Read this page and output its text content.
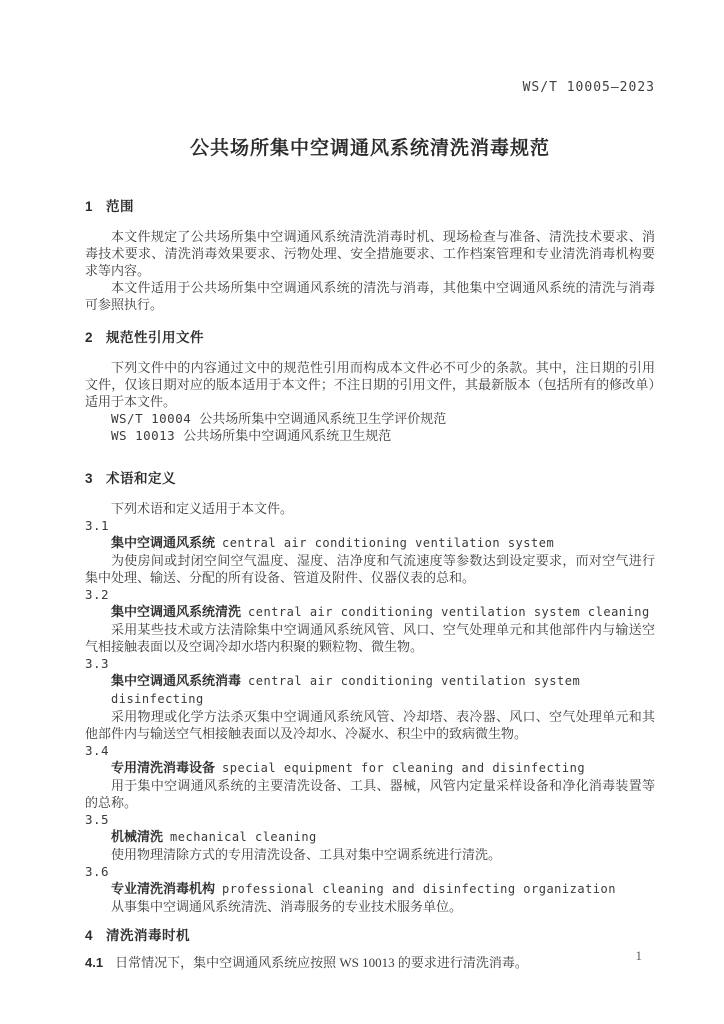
WS/T 10005—2023
公共场所集中空调通风系统清洗消毒规范
1 范围

本文件规定了公共场所集中空调通风系统清洗消毒时机、现场检查与准备、清洗技术要求、消毒技术要求、清洗消毒效果要求、污物处理、安全措施要求、工作档案管理和专业清洗消毒机构要求等内容。

本文件适用于公共场所集中空调通风系统的清洗与消毒，其他集中空调通风系统的清洗与消毒可参照执行。

2 规范性引用文件

下列文件中的内容通过文中的规范性引用而构成本文件必不可少的条款。其中，注日期的引用文件，仅该日期对应的版本适用于本文件；不注日期的引用文件，其最新版本（包括所有的修改单）适用于本文件。

WS/T 10004 公共场所集中空调通风系统卫生学评价规范

WS 10013 公共场所集中空调通风系统卫生规范

3 术语和定义

下列术语和定义适用于本文件。

3.1
集中空调通风系统 central air conditioning ventilation system

为使房间或封闭空间空气温度、湿度、洁净度和气流速度等参数达到设定要求，而对空气进行集中处理、输送、分配的所有设备、管道及附件、仪器仪表的总和。

3.2
集中空调通风系统清洗 central air conditioning ventilation system cleaning

采用某些技术或方法清除集中空调通风系统风管、风口、空气处理单元和其他部件内与输送空气相接触表面以及空调冷却水塔内积聚的颗粒物、微生物。

3.3
集中空调通风系统消毒 central air conditioning ventilation system disinfecting

采用物理或化学方法杀灭集中空调通风系统风管、冷却塔、表冷器、风口、空气处理单元和其他部件内与输送空气相接触表面以及冷却水、冷凝水、积尘中的致病微生物。

3.4
专用清洗消毒设备 special equipment for cleaning and disinfecting

用于集中空调通风系统的主要清洗设备、工具、器械，风管内定量采样设备和净化消毒装置等的总称。

3.5
机械清洗 mechanical cleaning

使用物理清除方式的专用清洗设备、工具对集中空调系统进行清洗。

3.6
专业清洗消毒机构 professional cleaning and disinfecting organization

从事集中空调通风系统清洗、消毒服务的专业技术服务单位。

4 清洗消毒时机

4.1 日常情况下，集中空调通风系统应按照 WS 10013 的要求进行清洗消毒。	1
